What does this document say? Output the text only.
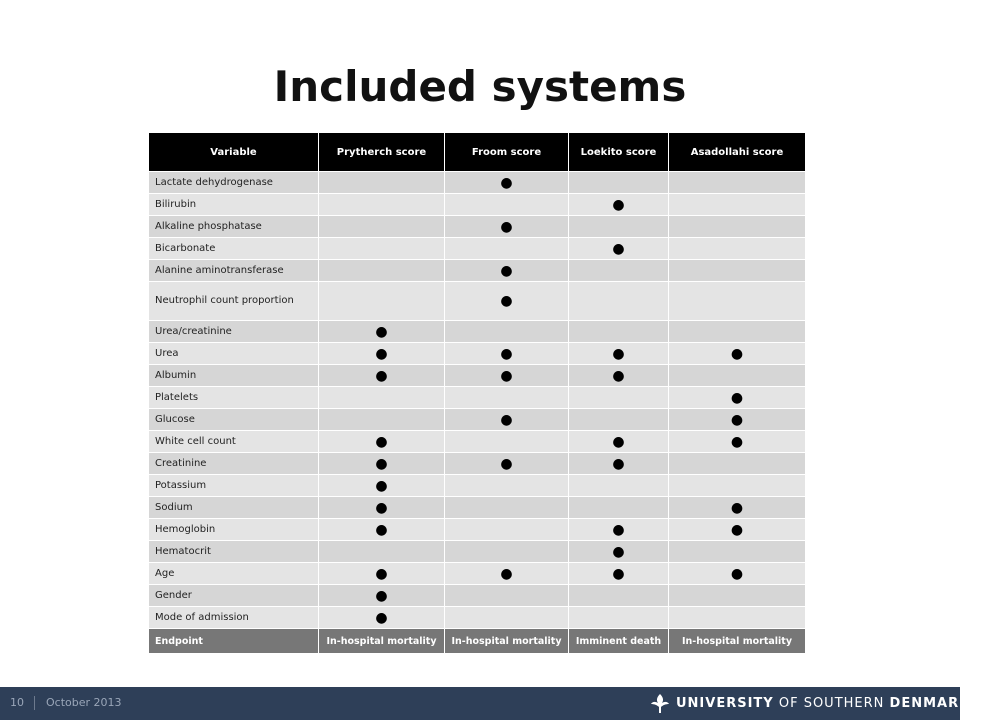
Included systems
Variable	Prytherch score	Froom score	Loekito score	Asadollahi score
Lactate dehydrogenase		●		
Bilirubin			●	
Alkaline phosphatase		●		
Bicarbonate			●	
Alanine aminotransferase		●		
Neutrophil count proportion		●		
Urea/creatinine	●			
Urea	●	●	●	●
Albumin	●	●	●	
Platelets				●
Glucose		●		●
White cell count	●		●	●
Creatinine	●	●	●	
Potassium	●			
Sodium	●			●
Hemoglobin	●		●	●
Hematocrit			●	
Age	●	●	●	●
Gender	●			
Mode of admission	●			
Endpoint	In-hospital mortality	In-hospital mortality	Imminent death	In-hospital mortality
10	October 2013	UNIVERSITY OF SOUTHERN DENMARK.DK
